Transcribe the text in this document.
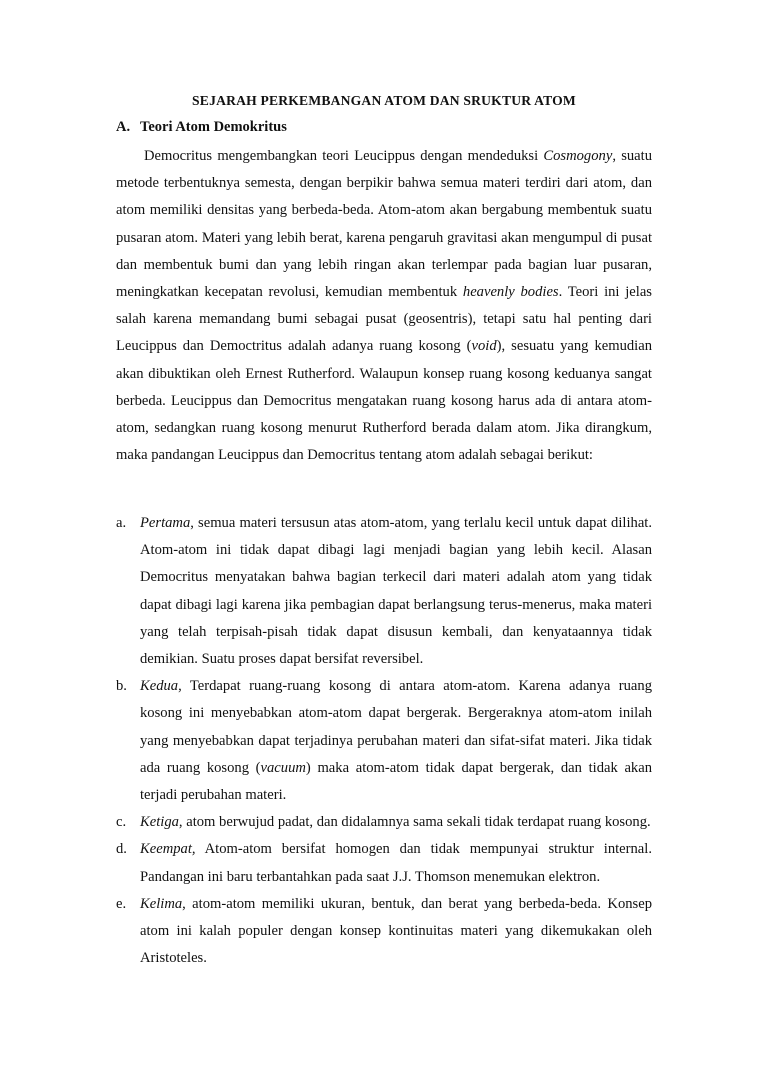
SEJARAH PERKEMBANGAN ATOM DAN SRUKTUR ATOM
A. Teori Atom Demokritus

Democritus mengembangkan teori Leucippus dengan mendeduksi Cosmogony, suatu metode terbentuknya semesta, dengan berpikir bahwa semua materi terdiri dari atom, dan atom memiliki densitas yang berbeda-beda. Atom-atom akan bergabung membentuk suatu pusaran atom. Materi yang lebih berat, karena pengaruh gravitasi akan mengumpul di pusat dan membentuk bumi dan yang lebih ringan akan terlempar pada bagian luar pusaran, meningkatkan kecepatan revolusi, kemudian membentuk heavenly bodies. Teori ini jelas salah karena memandang bumi sebagai pusat (geosentris), tetapi satu hal penting dari Leucippus dan Democtritus adalah adanya ruang kosong (void), sesuatu yang kemudian akan dibuktikan oleh Ernest Rutherford. Walaupun konsep ruang kosong keduanya sangat berbeda. Leucippus dan Democritus mengatakan ruang kosong harus ada di antara atom-atom, sedangkan ruang kosong menurut Rutherford berada dalam atom. Jika dirangkum, maka pandangan Leucippus dan Democritus tentang atom adalah sebagai berikut:

a. Pertama, semua materi tersusun atas atom-atom, yang terlalu kecil untuk dapat dilihat. Atom-atom ini tidak dapat dibagi lagi menjadi bagian yang lebih kecil. Alasan Democritus menyatakan bahwa bagian terkecil dari materi adalah atom yang tidak dapat dibagi lagi karena jika pembagian dapat berlangsung terus-menerus, maka materi yang telah terpisah-pisah tidak dapat disusun kembali, dan kenyataannya tidak demikian. Suatu proses dapat bersifat reversibel.
b. Kedua, Terdapat ruang-ruang kosong di antara atom-atom. Karena adanya ruang kosong ini menyebabkan atom-atom dapat bergerak. Bergeraknya atom-atom inilah yang menyebabkan dapat terjadinya perubahan materi dan sifat-sifat materi. Jika tidak ada ruang kosong (vacuum) maka atom-atom tidak dapat bergerak, dan tidak akan terjadi perubahan materi.
c. Ketiga, atom berwujud padat, dan didalamnya sama sekali tidak terdapat ruang kosong.
d. Keempat, Atom-atom bersifat homogen dan tidak mempunyai struktur internal. Pandangan ini baru terbantahkan pada saat J.J. Thomson menemukan elektron.
e. Kelima, atom-atom memiliki ukuran, bentuk, dan berat yang berbeda-beda. Konsep atom ini kalah populer dengan konsep kontinuitas materi yang dikemukakan oleh Aristoteles.
